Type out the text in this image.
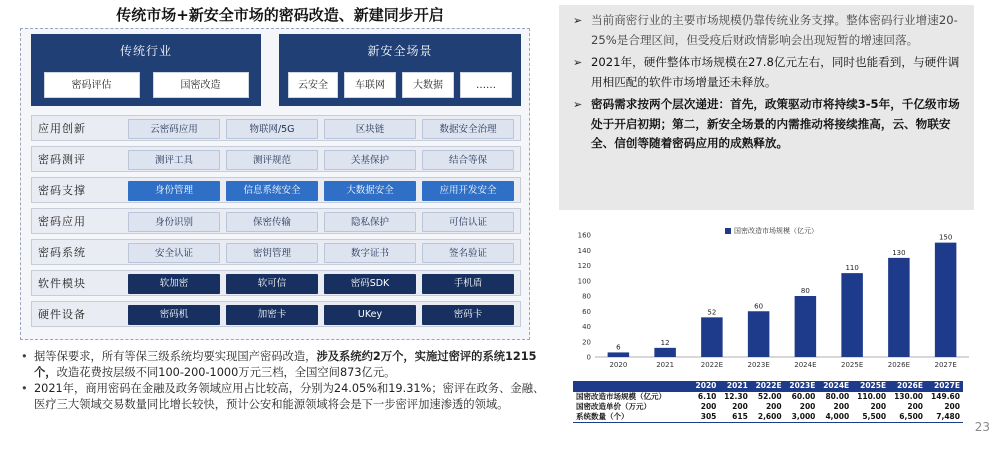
传统市场+新安全市场的密码改造、新建同步开启
传统行业
密码评估	国密改造
新安全场景
云安全	车联网	大数据	……
应用创新	云密码应用	物联网/5G	区块链	数据安全治理
密码测评	测评工具	测评规范	关基保护	结合等保
密码支撑	身份管理	信息系统安全	大数据安全	应用开发安全
密码应用	身份识别	保密传输	隐私保护	可信认证
密码系统	安全认证	密钥管理	数字证书	签名验证
软件模块	软加密	软可信	密码SDK	手机盾
硬件设备	密码机	加密卡	UKey	密码卡
• 据等保要求，所有等保三级系统均要实现国产密码改造，涉及系统约2万个，实施过密评的系统1215个，改造花费按层级不同100-200-1000万元三档，全国空间873亿元。
• 2021年，商用密码在金融及政务领域应用占比较高，分别为24.05%和19.31%；密评在政务、金融、医疗三大领域交易数量同比增长较快，预计公安和能源领域将会是下一步密评加速渗透的领域。
➢ 当前商密行业的主要市场规模仍靠传统业务支撑。整体密码行业增速20-25%是合理区间，但受疫后财政情影响会出现短暂的增速回落。
➢ 2021年，硬件整体市场规模在27.8亿元左右，同时也能看到，与硬件调用相匹配的软件市场增量还未释放。
➢ 密码需求按两个层次递进：首先，政策驱动市将持续3-5年，千亿级市场处于开启初期；第二，新安全场景的内需推动将接续推高，云、物联安全、信创等随着密码应用的成熟释放。
国密改造市场规模（亿元）
0
20
40
60
80
100
120
140
160
6
2020
12
2021
52
2022E
60
2023E
80
2024E
110
2025E
130
2026E
150
2027E
	2020	2021	2022E	2023E	2024E	2025E	2026E	2027E
国密改造市场规模（亿元）	6.10	12.30	52.00	60.00	80.00	110.00	130.00	149.60
国密改造单价（万元）	200	200	200	200	200	200	200	200
系统数量（个）	305	615	2,600	3,000	4,000	5,500	6,500	7,480
23
